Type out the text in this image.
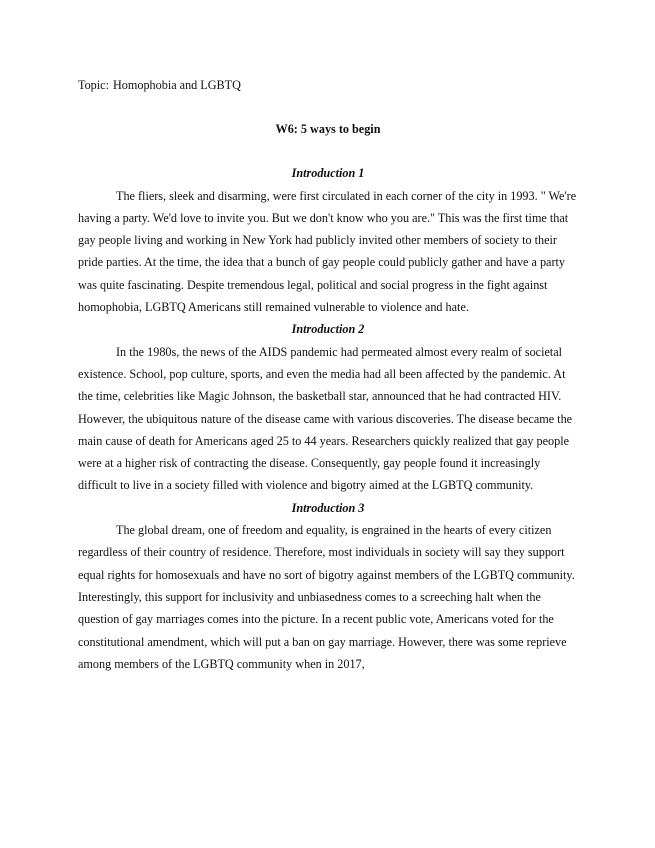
Topic: Homophobia and LGBTQ

W6: 5 ways to begin

Introduction 1

The fliers, sleek and disarming, were first circulated in each corner of the city in 1993. " We're having a party. We'd love to invite you. But we don't know who you are." This was the first time that gay people living and working in New York had publicly invited other members of society to their pride parties. At the time, the idea that a bunch of gay people could publicly gather and have a party was quite fascinating. Despite tremendous legal, political and social progress in the fight against homophobia, LGBTQ Americans still remained vulnerable to violence and hate.

Introduction 2

In the 1980s, the news of the AIDS pandemic had permeated almost every realm of societal existence. School, pop culture, sports, and even the media had all been affected by the pandemic. At the time, celebrities like Magic Johnson, the basketball star, announced that he had contracted HIV. However, the ubiquitous nature of the disease came with various discoveries. The disease became the main cause of death for Americans aged 25 to 44 years. Researchers quickly realized that gay people were at a higher risk of contracting the disease. Consequently, gay people found it increasingly difficult to live in a society filled with violence and bigotry aimed at the LGBTQ community.

Introduction 3

The global dream, one of freedom and equality, is engrained in the hearts of every citizen regardless of their country of residence. Therefore, most individuals in society will say they support equal rights for homosexuals and have no sort of bigotry against members of the LGBTQ community. Interestingly, this support for inclusivity and unbiasedness comes to a screeching halt when the question of gay marriages comes into the picture. In a recent public vote, Americans voted for the constitutional amendment, which will put a ban on gay marriage. However, there was some reprieve among members of the LGBTQ community when in 2017,
